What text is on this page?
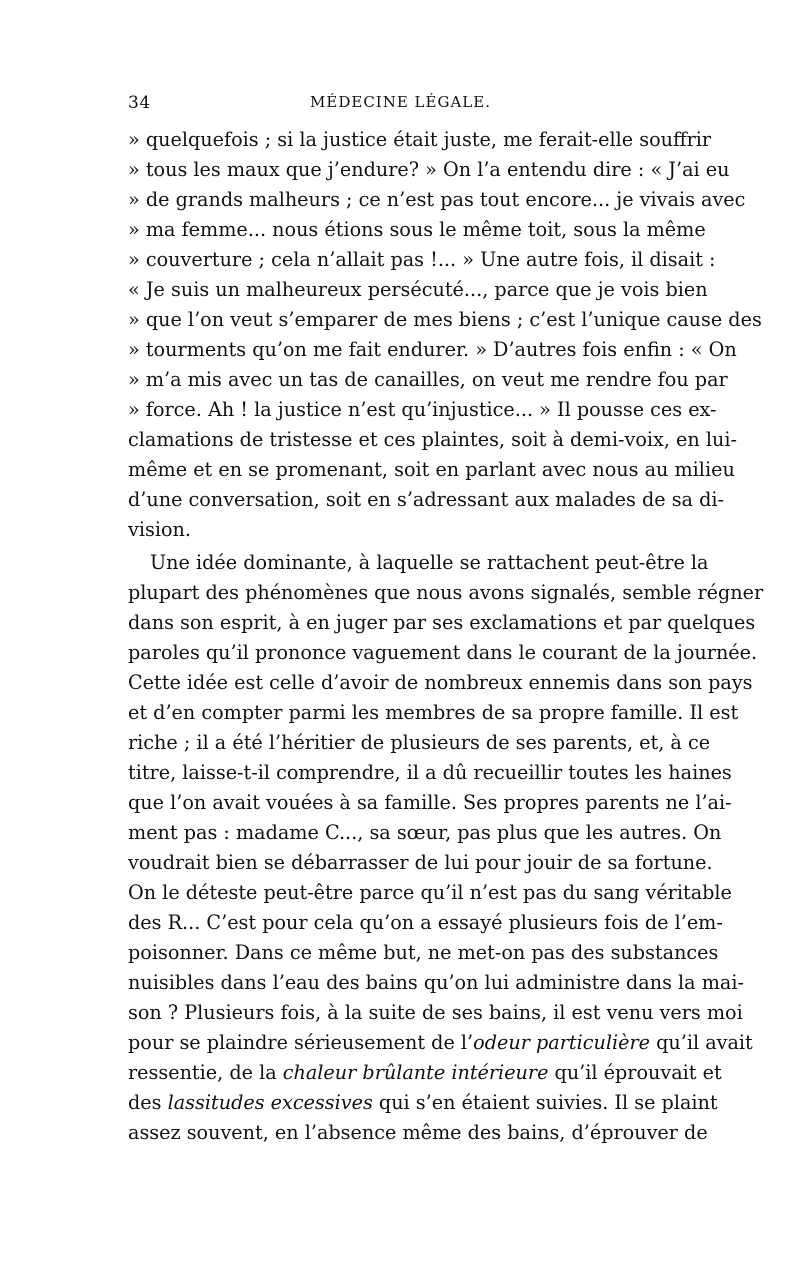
34	MÉDECINE LÉGALE.
» quelquefois ; si la justice était juste, me ferait-elle souffrir
» tous les maux que j’endure? » On l’a entendu dire : « J’ai eu
» de grands malheurs ; ce n’est pas tout encore... je vivais avec
» ma femme... nous étions sous le même toit, sous la même
» couverture ; cela n’allait pas !... » Une autre fois, il disait :
« Je suis un malheureux persécuté..., parce que je vois bien
» que l’on veut s’emparer de mes biens ; c’est l’unique cause des
» tourments qu’on me fait endurer. » D’autres fois enfin : « On
» m’a mis avec un tas de canailles, on veut me rendre fou par
» force. Ah ! la justice n’est qu’injustice... » Il pousse ces ex-
clamations de tristesse et ces plaintes, soit à demi-voix, en lui-
même et en se promenant, soit en parlant avec nous au milieu
d’une conversation, soit en s’adressant aux malades de sa di-
vision.
Une idée dominante, à laquelle se rattachent peut-être la
plupart des phénomènes que nous avons signalés, semble régner
dans son esprit, à en juger par ses exclamations et par quelques
paroles qu’il prononce vaguement dans le courant de la journée.
Cette idée est celle d’avoir de nombreux ennemis dans son pays
et d’en compter parmi les membres de sa propre famille. Il est
riche ; il a été l’héritier de plusieurs de ses parents, et, à ce
titre, laisse-t-il comprendre, il a dû recueillir toutes les haines
que l’on avait vouées à sa famille. Ses propres parents ne l’ai-
ment pas : madame C..., sa sœur, pas plus que les autres. On
voudrait bien se débarrasser de lui pour jouir de sa fortune.
On le déteste peut-être parce qu’il n’est pas du sang véritable
des R... C’est pour cela qu’on a essayé plusieurs fois de l’em-
poisonner. Dans ce même but, ne met-on pas des substances
nuisibles dans l’eau des bains qu’on lui administre dans la mai-
son ? Plusieurs fois, à la suite de ses bains, il est venu vers moi
pour se plaindre sérieusement de l’odeur particulière qu’il avait
ressentie, de la chaleur brûlante intérieure qu’il éprouvait et
des lassitudes excessives qui s’en étaient suivies. Il se plaint
assez souvent, en l’absence même des bains, d’éprouver de
